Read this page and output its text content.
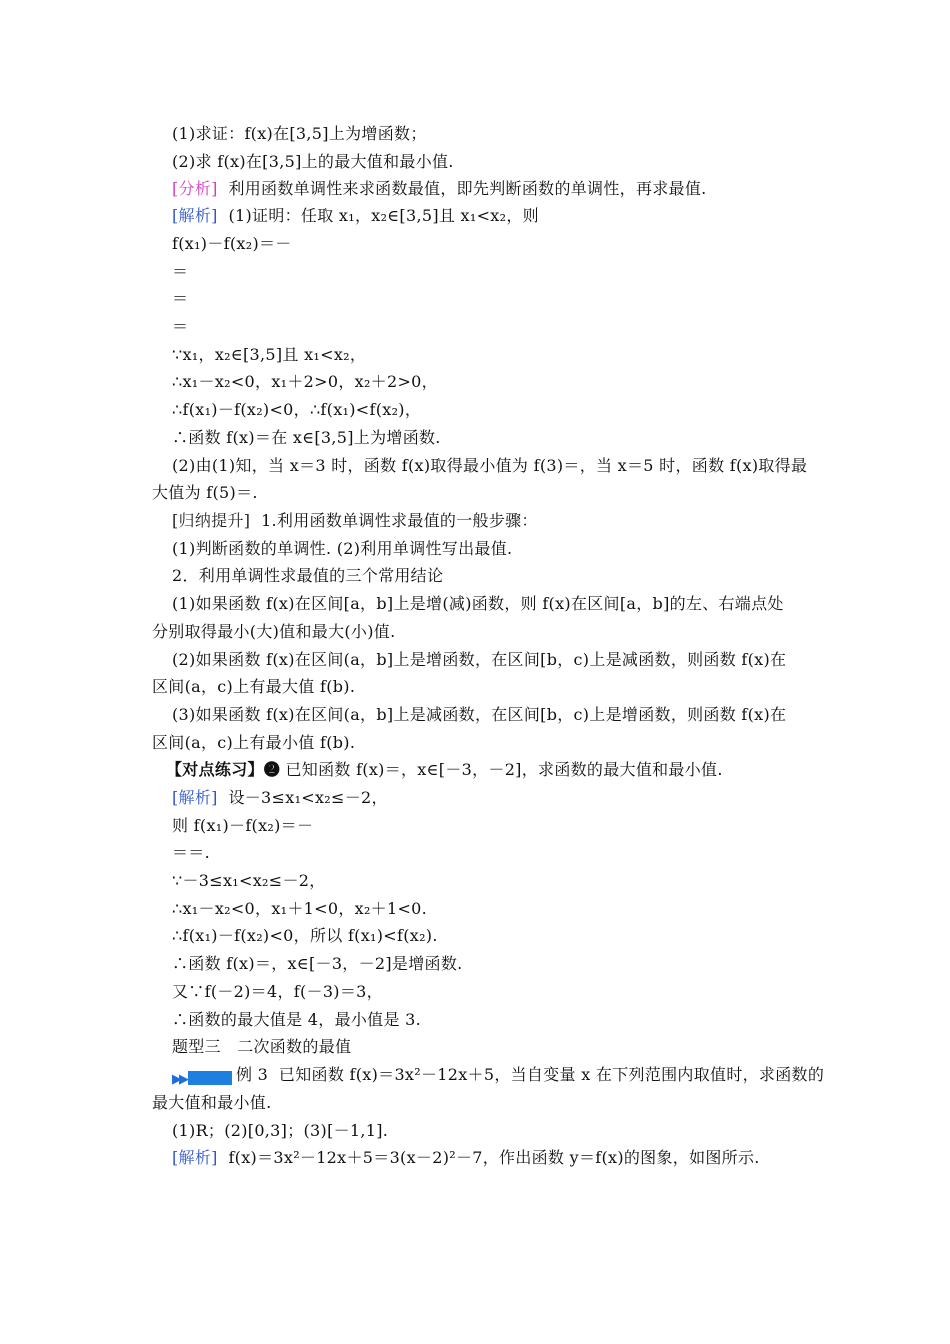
(1)求证：f(x)在[3,5]上为增函数；
(2)求 f(x)在[3,5]上的最大值和最小值.
[分析]  利用函数单调性来求函数最值，即先判断函数的单调性，再求最值.
[解析]  (1)证明：任取 x₁，x₂∈[3,5]且 x₁<x₂，则
f(x₁)－f(x₂)＝－
＝
＝
＝
∵x₁，x₂∈[3,5]且 x₁<x₂，
∴x₁－x₂<0，x₁＋2>0，x₂＋2>0，
∴f(x₁)－f(x₂)<0，∴f(x₁)<f(x₂)，
∴函数 f(x)＝在 x∈[3,5]上为增函数.
(2)由(1)知，当 x＝3 时，函数 f(x)取得最小值为 f(3)＝，当 x＝5 时，函数 f(x)取得最
大值为 f(5)＝.
[归纳提升]  1.利用函数单调性求最值的一般步骤：
(1)判断函数的单调性. (2)利用单调性写出最值.
2．利用单调性求最值的三个常用结论
(1)如果函数 f(x)在区间[a，b]上是增(减)函数，则 f(x)在区间[a，b]的左、右端点处
分别取得最小(大)值和最大(小)值.
(2)如果函数 f(x)在区间(a，b]上是增函数，在区间[b，c)上是减函数，则函数 f(x)在
区间(a，c)上有最大值 f(b).
(3)如果函数 f(x)在区间(a，b]上是减函数，在区间[b，c)上是增函数，则函数 f(x)在
区间(a，c)上有最小值 f(b).
【对点练习】❷ 已知函数 f(x)＝，x∈[－3，－2]，求函数的最大值和最小值.
[解析]  设－3≤x₁<x₂≤－2，
则 f(x₁)－f(x₂)＝－
＝＝.
∵－3≤x₁<x₂≤－2，
∴x₁－x₂<0，x₁＋1<0，x₂＋1<0.
∴f(x₁)－f(x₂)<0，所以 f(x₁)<f(x₂).
∴函数 f(x)＝，x∈[－3，－2]是增函数.
又∵f(－2)＝4，f(－3)＝3，
∴函数的最大值是 4，最小值是 3.
题型三　二次函数的最值
▶▶	例 3  已知函数 f(x)＝3x²－12x＋5，当自变量 x 在下列范围内取值时，求函数的
最大值和最小值.
(1)R；(2)[0,3]；(3)[－1,1].
[解析]  f(x)＝3x²－12x＋5＝3(x－2)²－7，作出函数 y＝f(x)的图象，如图所示.
